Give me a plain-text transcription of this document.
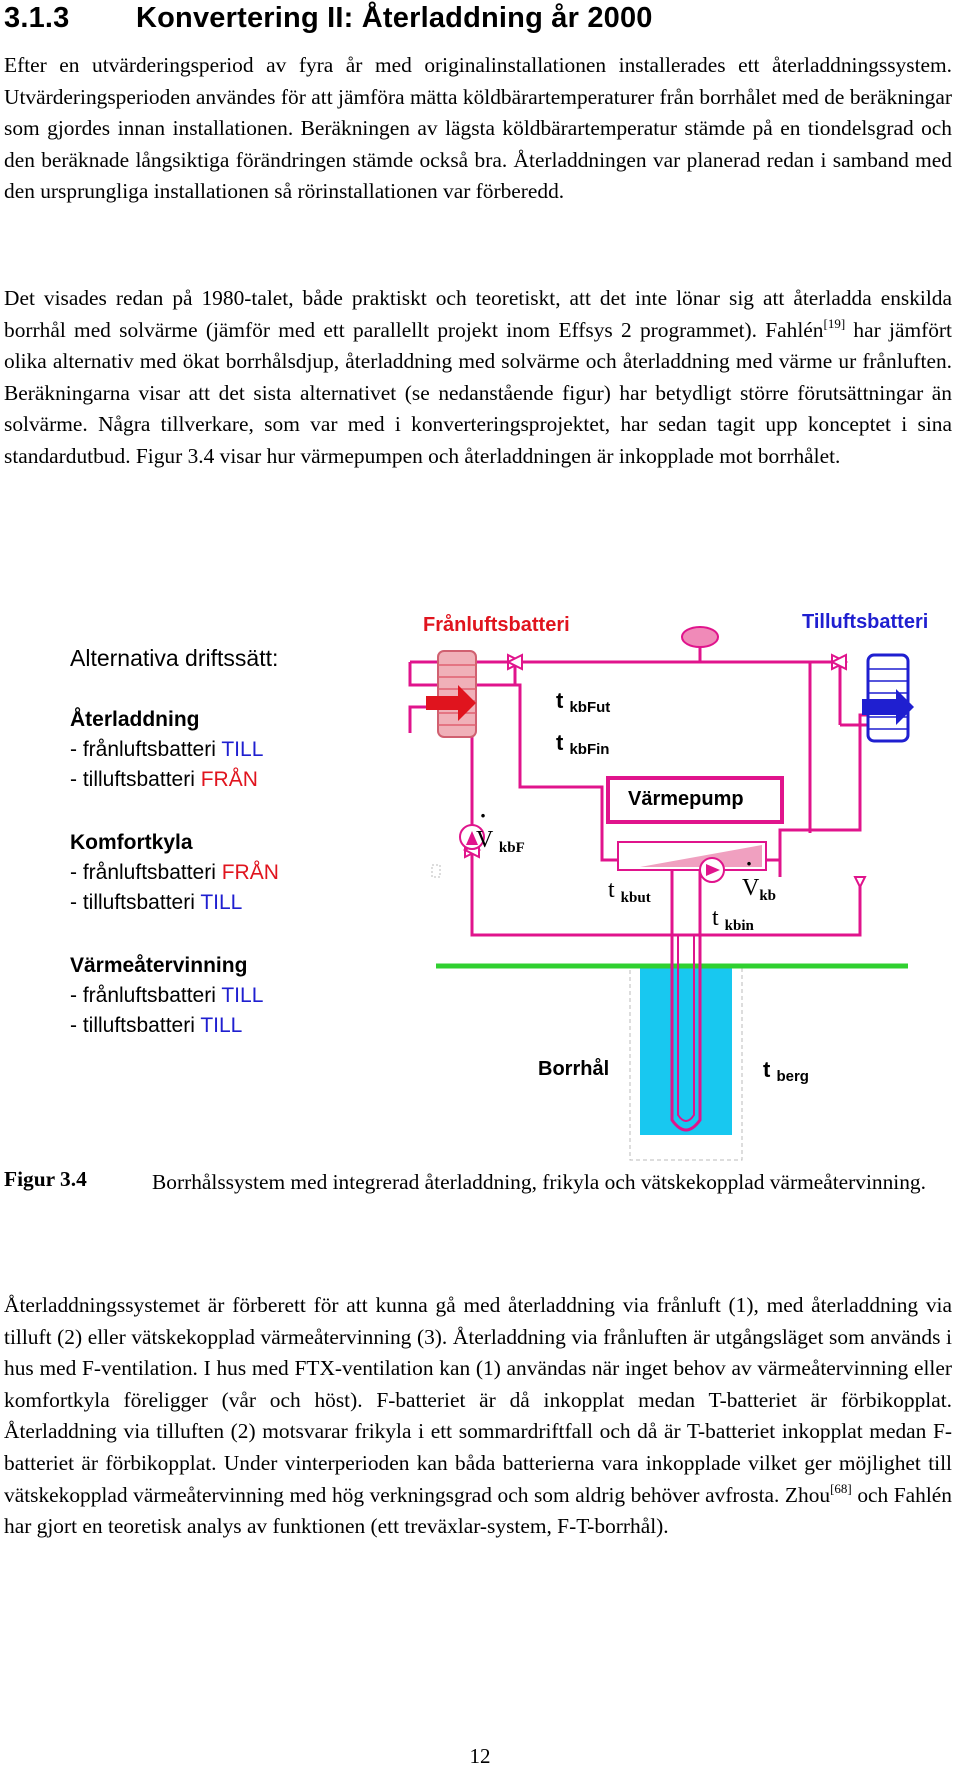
3.1.3 Konvertering II: Återladdning år 2000

Efter en utvärderingsperiod av fyra år med originalinstallationen installerades ett återladdningssystem. Utvärderingsperioden användes för att jämföra mätta köldbärartemperaturer från borrhålet med de beräkningar som gjordes innan installationen. Beräkningen av lägsta köldbärartemperatur stämde på en tiondelsgrad och den beräknade långsiktiga förändringen stämde också bra. Återladdningen var planerad redan i samband med den ursprungliga installationen så rörinstallationen var förberedd.

Det visades redan på 1980-talet, både praktiskt och teoretiskt, att det inte lönar sig att återladda enskilda borrhål med solvärme (jämför med ett parallellt projekt inom Effsys 2 programmet). Fahlén[19] har jämfört olika alternativ med ökat borrhålsdjup, återladdning med solvärme och återladdning med värme ur frånluften. Beräkningarna visar att det sista alternativet (se nedanstående figur) har betydligt större förutsättningar än solvärme. Några tillverkare, som var med i konverteringsprojektet, har sedan tagit upp konceptet i sina standardutbud. Figur 3.4 visar hur värmepumpen och återladdningen är inkopplade mot borrhålet.

Alternativa driftssätt:
Återladdning
- frånluftsbatteri TILL
- tilluftsbatteri FRÅN
Komfortkyla
- frånluftsbatteri FRÅN
- tilluftsbatteri TILL
Värmeåtervinning
- frånluftsbatteri TILL
- tilluftsbatteri TILL
Frånluftsbatteri	Tilluftsbatteri
Värmepump
Borrhål
t $_{kbFut}$
t $_{kbFin}$
t $_{kbut}$
t $_{kbin}$
t $_{berg}$
˙ V $_{kbF}$
˙ $V_{kb}$
Figur 3.4	Borrhålssystem med integrerad återladdning, frikyla och vätskekopplad värmeåtervinning.

Återladdningssystemet är förberett för att kunna gå med återladdning via frånluft (1), med återladdning via tilluft (2) eller vätskekopplad värmeåtervinning (3). Återladdning via frånluften är utgångsläget som används i hus med F-ventilation. I hus med FTX-ventilation kan (1) användas när inget behov av värmeåtervinning eller komfortkyla föreligger (vår och höst). F-batteriet är då inkopplat medan T-batteriet är förbikopplat. Återladdning via tilluften (2) motsvarar frikyla i ett sommardriftfall och då är T-batteriet inkopplat medan F-batteriet är förbikopplat. Under vinterperioden kan båda batterierna vara inkopplade vilket ger möjlighet till vätskekopplad värmeåtervinning med hög verkningsgrad och som aldrig behöver avfrosta. Zhou[68] och Fahlén har gjort en teoretisk analys av funktionen (ett treväxlar-system, F-T-borrhål).

12
